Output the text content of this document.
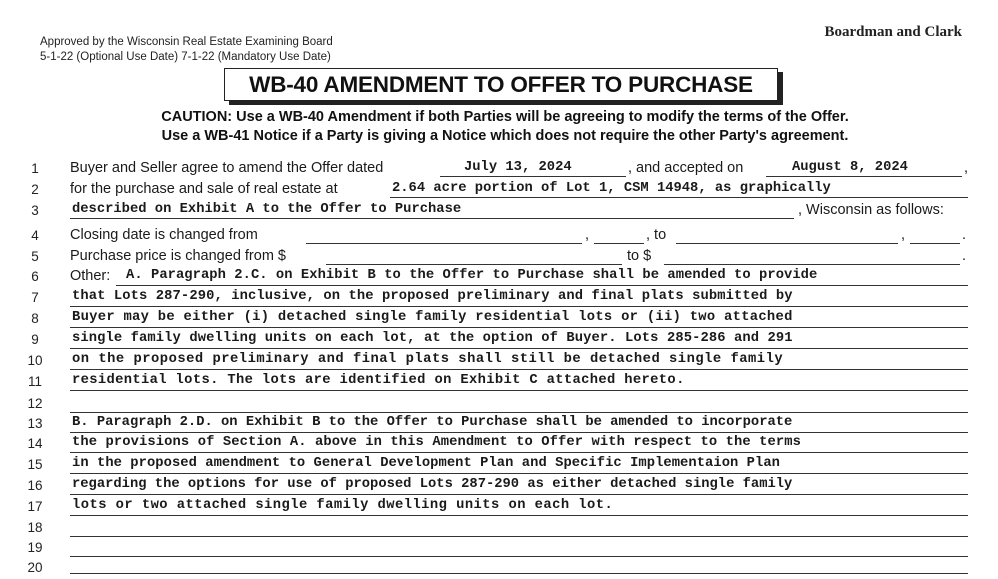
Approved by the Wisconsin Real Estate Examining Board
5-1-22 (Optional Use Date) 7-1-22 (Mandatory Use Date)
Boardman and Clark
WB-40 AMENDMENT TO OFFER TO PURCHASE
CAUTION: Use a WB-40 Amendment if both Parties will be agreeing to modify the terms of the Offer.
Use a WB-41 Notice if a Party is giving a Notice which does not require the other Party's agreement.
1	Buyer and Seller agree to amend the Offer dated	July 13, 2024	, and accepted on	August 8, 2024	,
2	for the purchase and sale of real estate at	2.64 acre portion of Lot 1, CSM 14948, as graphically
3	described on Exhibit A to the Offer to Purchase	, Wisconsin as follows:
4	Closing date is changed from	,	, to	,	.
5	Purchase price is changed from $	to $	.
6	Other: A. Paragraph 2.C. on Exhibit B to the Offer to Purchase shall be amended to provide
7	that Lots 287-290, inclusive, on the proposed preliminary and final plats submitted by
8	Buyer may be either (i) detached single family residential lots or (ii) two attached
9	single family dwelling units on each lot, at the option of Buyer. Lots 285-286 and 291
10	on the proposed preliminary and final plats shall still be detached single family
11	residential lots. The lots are identified on Exhibit C attached hereto.
12
13	B. Paragraph 2.D. on Exhibit B to the Offer to Purchase shall be amended to incorporate
14	the provisions of Section A. above in this Amendment to Offer with respect to the terms
15	in the proposed amendment to General Development Plan and Specific Implementaion Plan
16	regarding the options for use of proposed Lots 287-290 as either detached single family
17	lots or two attached single family dwelling units on each lot.
18
19
20
